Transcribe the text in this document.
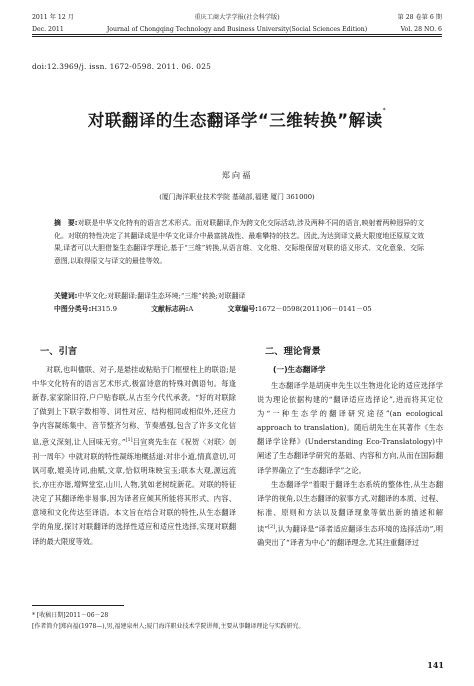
2011 年 12 月	重庆工商大学学报(社会科学版)	第 28 卷第 6 期
Dec. 2011	Journal of Chongqing Technology and Business University(Social Sciences Edition)	Vol. 28 NO. 6
doi:12.3969/j. issn. 1672-0598. 2011. 06. 025
对联翻译的生态翻译学“三维转换”解读*
郑向福
(厦门海洋职业技术学院 基础部,福建 厦门 361000)
摘　要:对联是中华文化特有的语言艺术形式。而对联翻译,作为跨文化交际活动,涉及两种不同的语言,映射着两种迥异的文化。对联的特性决定了其翻译成是中华文化译介中最富挑战性、最难攀持的技艺。因此,为达到译文最大限度地还原原文效果,译者可以大胆借鉴生态翻译学理论,基于“三维”转换,从语言维、文化维、交际维保留对联的语义形式、文化意象、交际意图,以取得原文与译文的最佳等效。
关键词:中华文化;对联翻译;翻译生态环境;“三维”转换;对联翻译
中图分类号:H315.9	文献标志码:A	文章编号:1672－0598(2011)06－0141－05
一、引言

对联,也叫楹联、对子,是悬挂或粘贴于门框壁柱上的联语;是中华文化特有的语言艺术形式,极富诗意的特殊对偶语句。每逢新春,家家除旧符,户户贴春联,从古至今代代承袭。“好的对联除了做到上下联字数相等、词性对应、结构相同或相似外,还应力争内容凝练集中、音节整齐匀称、节奏感强,包含了许多文化信息,意义深刻,让人回味无穷。”[1]吕宣爽先生在《祝贺〈对联〉创刊一周年》中就对联的特性凝练地概括道:对非小道,情真意切,可讽可歌,媲美诗词,曲赋,文章,恰似明珠映宝玉;联本大观,源远流长,亦庄亦谐,增辉堂室,山川,人物,犹如老树绽新花。对联的特征决定了其翻译绝非易事,因为译者应倾其所能将其形式、内容、意境和文化传达至译语。本文旨在结合对联的特性,从生态翻译学的角度,探讨对联翻译的选择性适应和适应性选择,实现对联翻译的最大限度等效。

二、理论背景
(一)生态翻译学

生态翻译学是胡庚申先生以生物进化论的适应选择学说为理论依据构建的“翻译适应选择论”,进而将其定位为“一种生态学的翻译研究途径”(an ecological approach to translation)。随后胡先生在其著作《生态翻译学诠释》(Understanding Eco-Translatology)中阐述了生态翻译学研究的基础、内容和方向,从而在国际翻译学界确立了“生态翻译学”之论。

生态翻译学“着眼于翻译生态系统的整体性,从生态翻译学的视角,以生态翻译的叙事方式,对翻译的本质、过程、标准、原则和方法以及翻译现象等做出新的描述和解读”[2],认为翻译是“译者适应翻译生态环境的选择活动”,明确突出了“译者为中心”的翻译理念,尤其注重翻译过

* [收稿日期]2011－06－28
[作者简介]郑向福(1978—),男,福建泉州人;厦门海洋职业技术学院讲师,主要从事翻译理论与实践研究。
141
